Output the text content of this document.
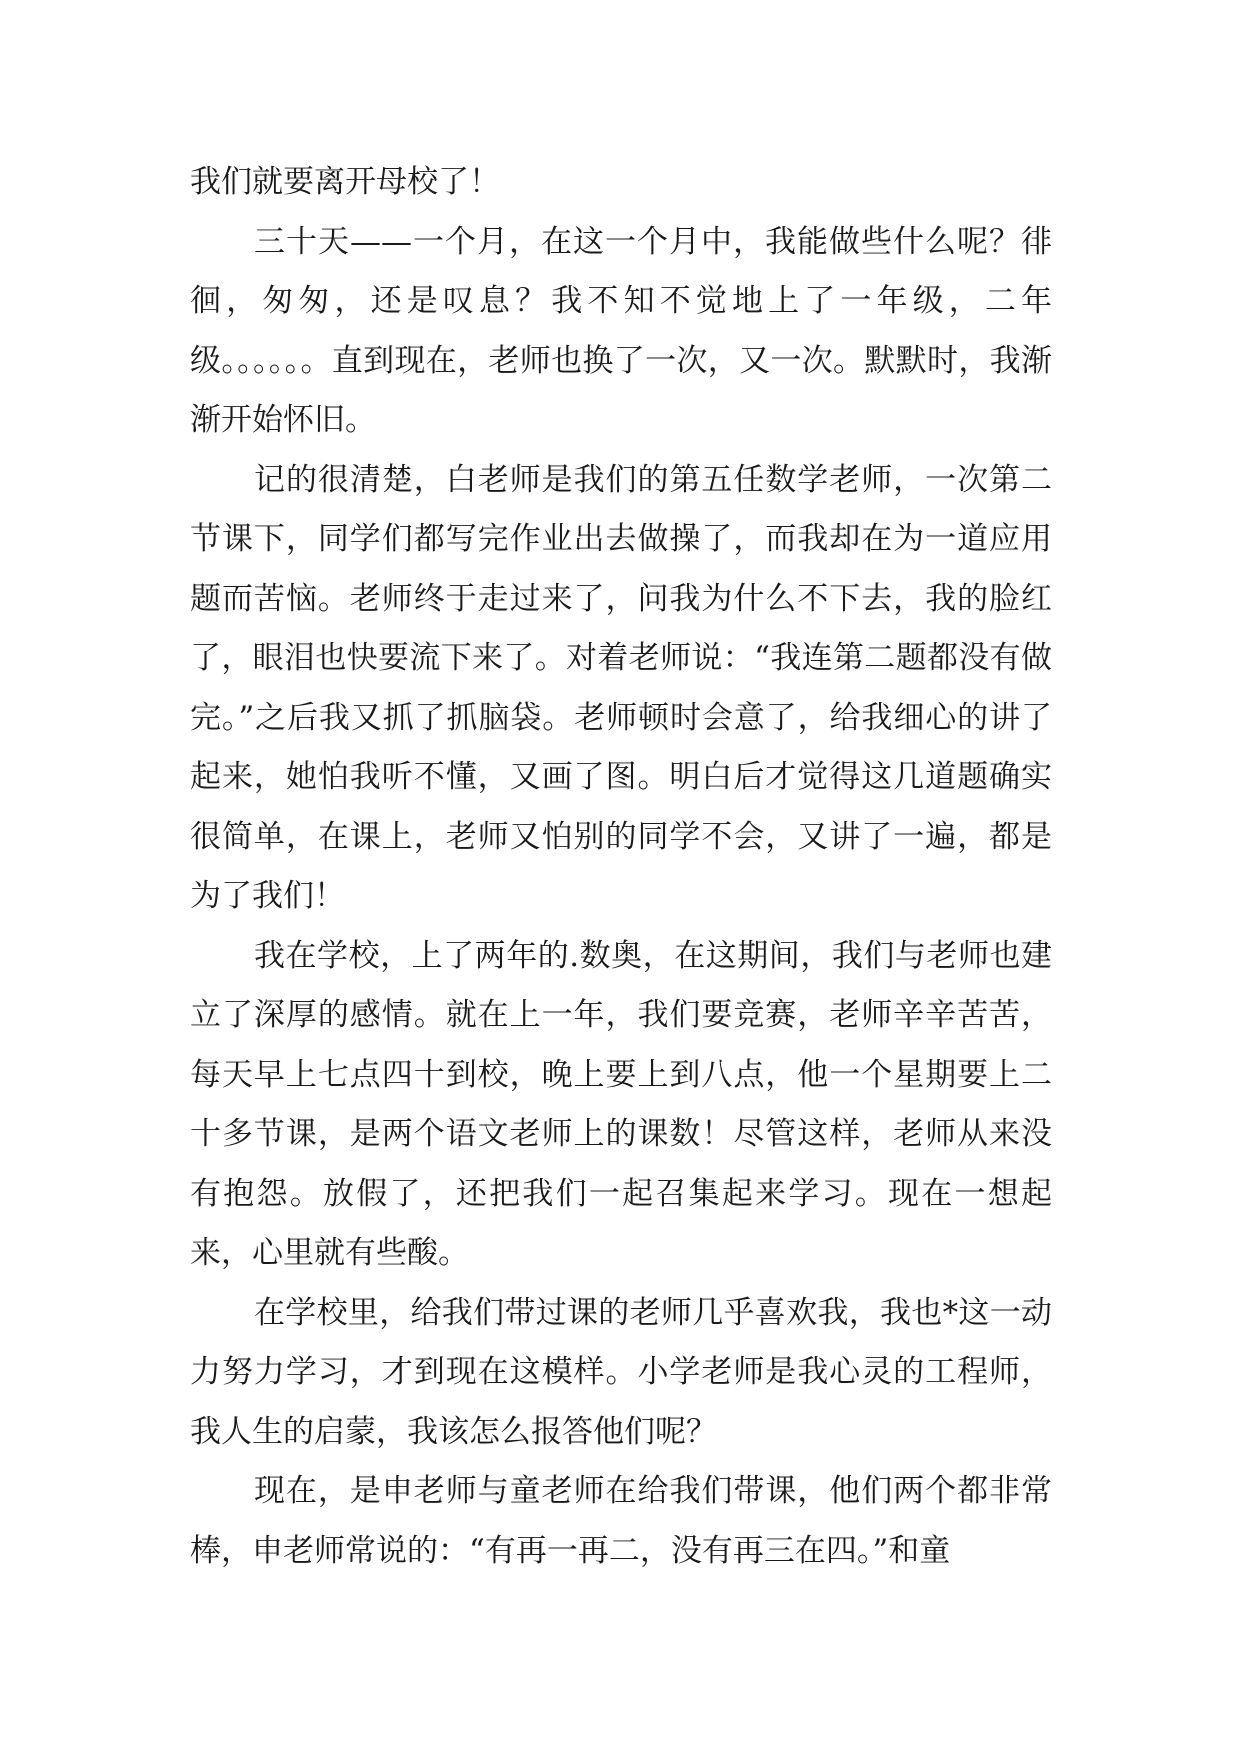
我们就要离开母校了！

三十天——一个月，在这一个月中，我能做些什么呢？徘徊，匆匆，还是叹息？我不知不觉地上了一年级，二年级。。。。。。直到现在，老师也换了一次，又一次。默默时，我渐渐开始怀旧。

记的很清楚，白老师是我们的第五任数学老师，一次第二节课下，同学们都写完作业出去做操了，而我却在为一道应用题而苦恼。老师终于走过来了，问我为什么不下去，我的脸红了，眼泪也快要流下来了。对着老师说：“我连第二题都没有做完。”之后我又抓了抓脑袋。老师顿时会意了，给我细心的讲了起来，她怕我听不懂，又画了图。明白后才觉得这几道题确实很简单，在课上，老师又怕别的同学不会，又讲了一遍，都是为了我们！

我在学校，上了两年的.数奥，在这期间，我们与老师也建立了深厚的感情。就在上一年，我们要竞赛，老师辛辛苦苦，每天早上七点四十到校，晚上要上到八点，他一个星期要上二十多节课，是两个语文老师上的课数！尽管这样，老师从来没有抱怨。放假了，还把我们一起召集起来学习。现在一想起来，心里就有些酸。

在学校里，给我们带过课的老师几乎喜欢我，我也*这一动力努力学习，才到现在这模样。小学老师是我心灵的工程师，我人生的启蒙，我该怎么报答他们呢？

现在，是申老师与童老师在给我们带课，他们两个都非常棒，申老师常说的：“有再一再二，没有再三在四。”和童
